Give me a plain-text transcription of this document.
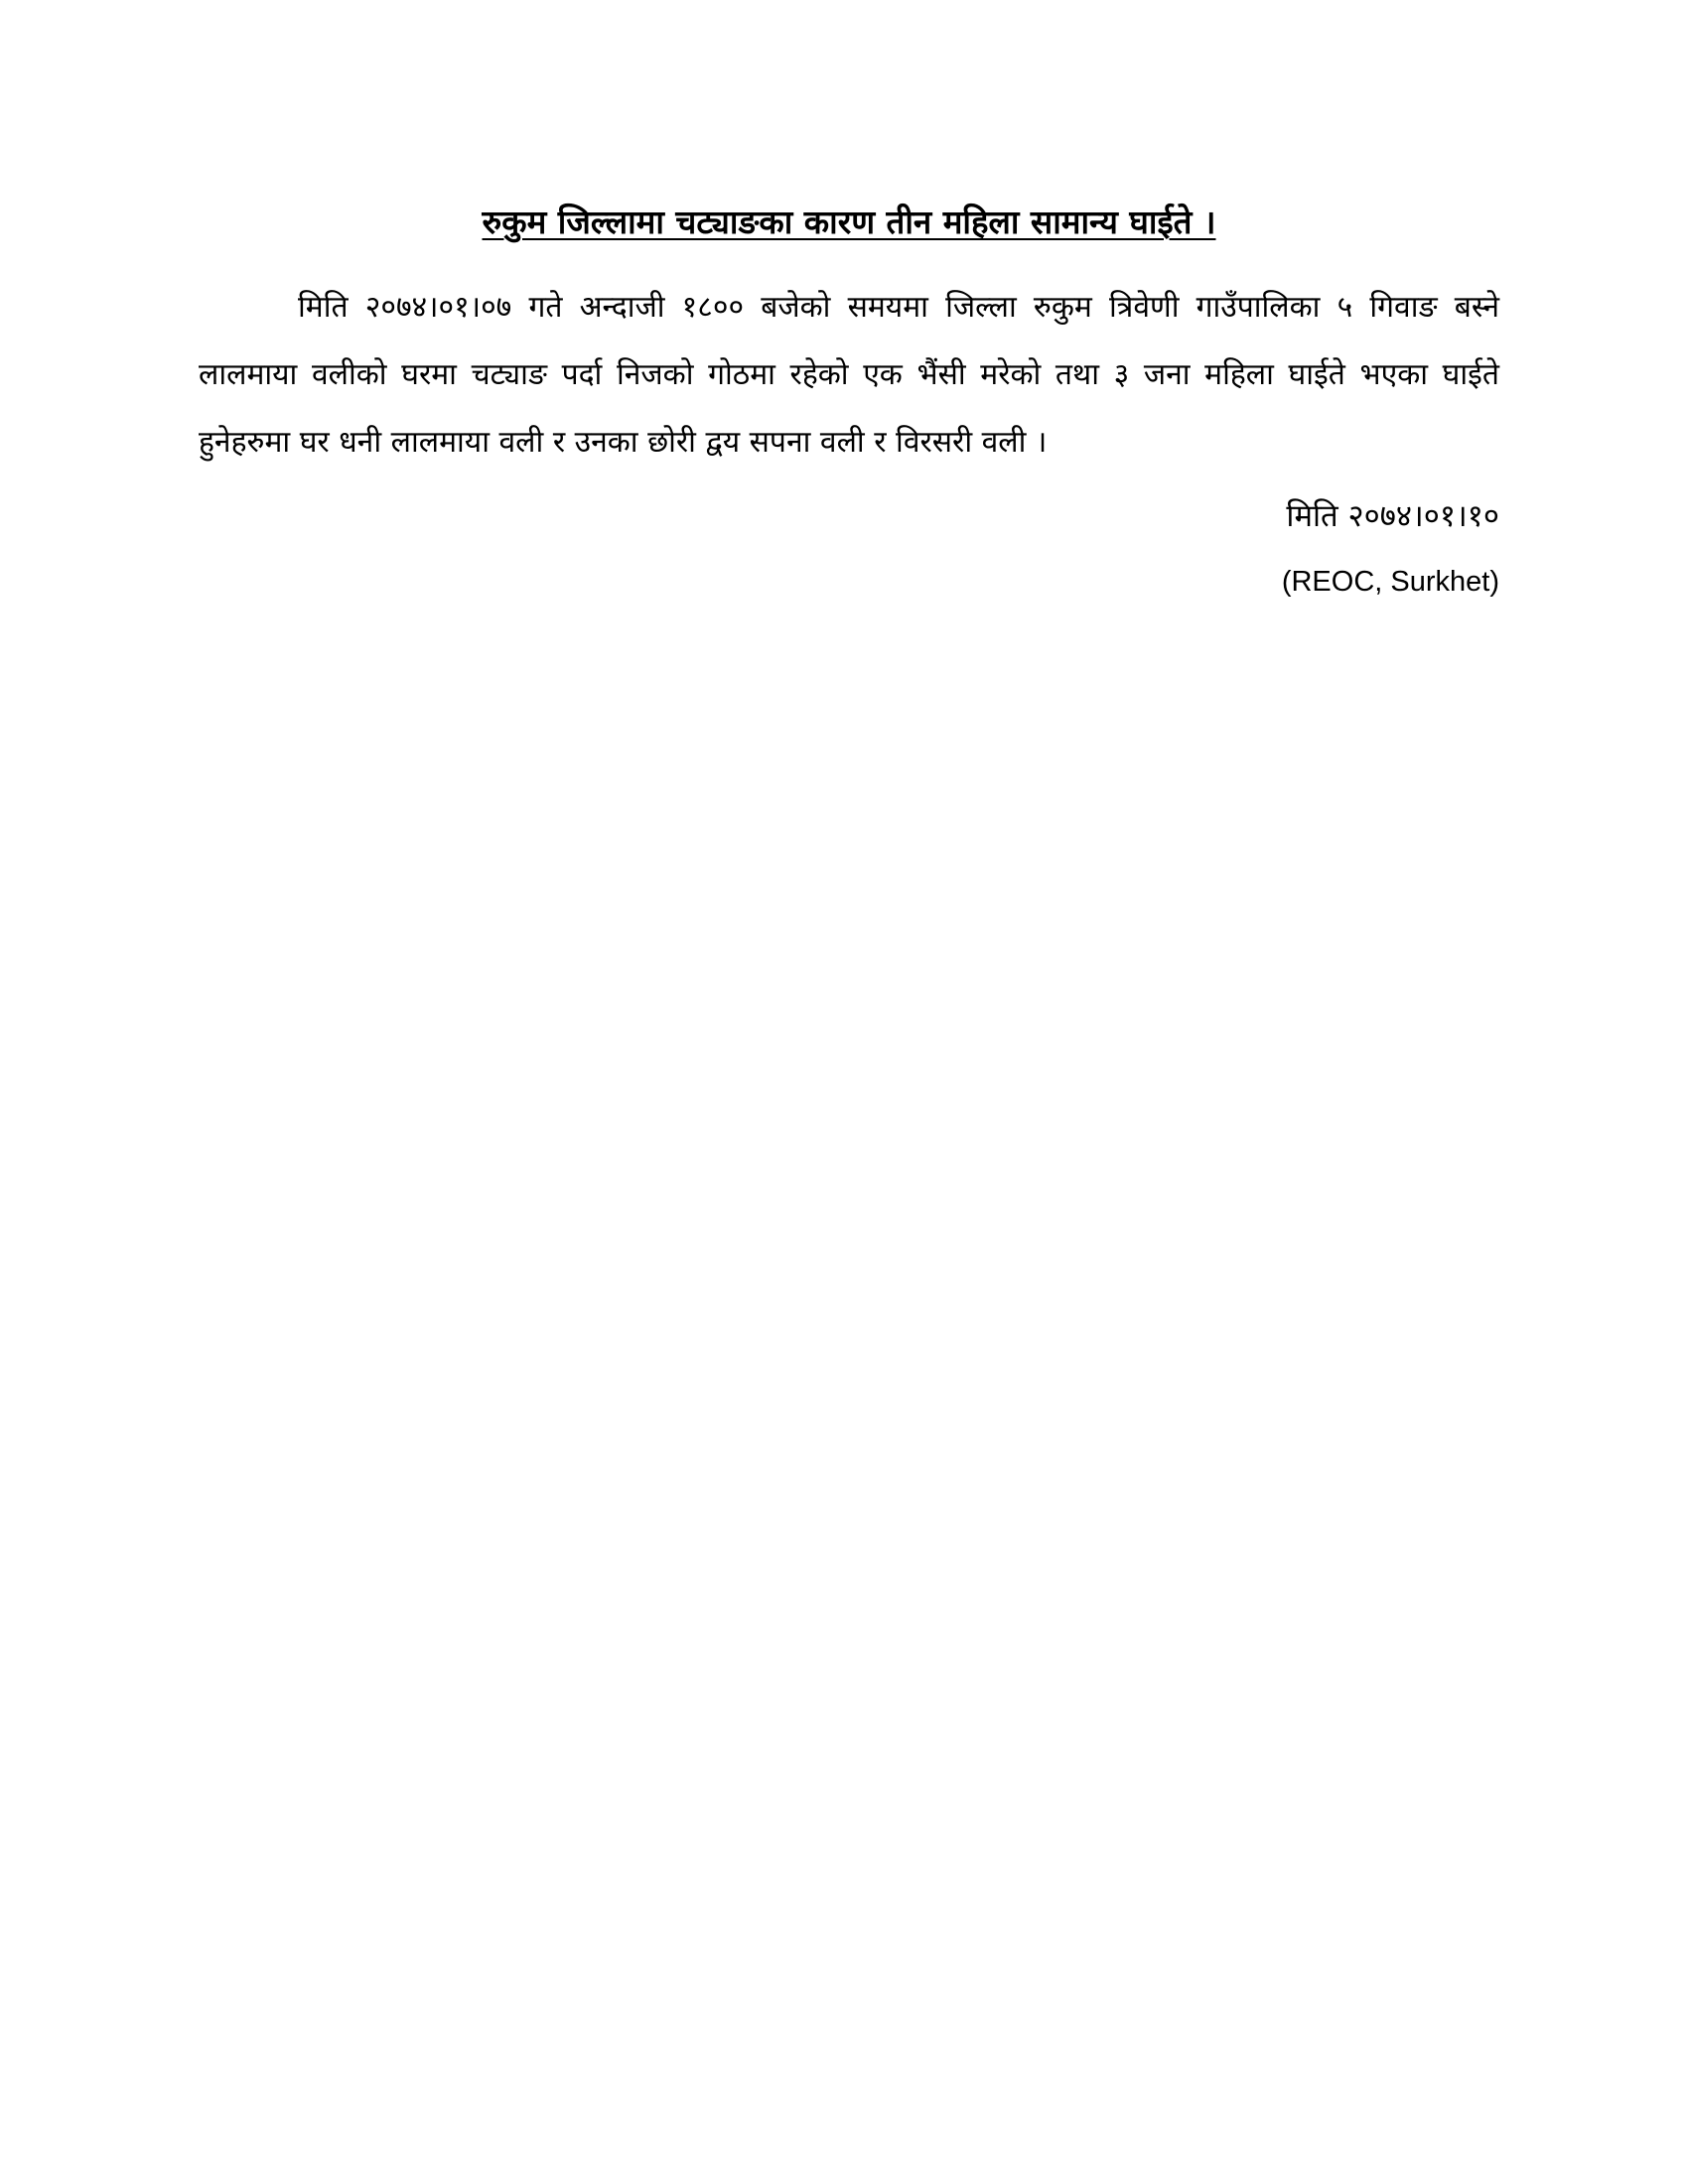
रुकुम जिल्लामा चट्याङका कारण तीन महिला सामान्य घाईते ।

मिति २०७४।०१।०७ गते अन्दाजी १८०० बजेको समयमा जिल्ला रुकुम त्रिवेणी गाउँपालिका ५ गिवाङ बस्ने लालमाया वलीको घरमा चट्याङ पर्दा निजको गोठमा रहेको एक भैंसी मरेको तथा ३ जना महिला घाईते भएका घाईते हुनेहरुमा घर धनी लालमाया वली र उनका छोरी द्वय सपना वली र विरसरी वली ।

मिति २०७४।०१।१०
(REOC, Surkhet)
